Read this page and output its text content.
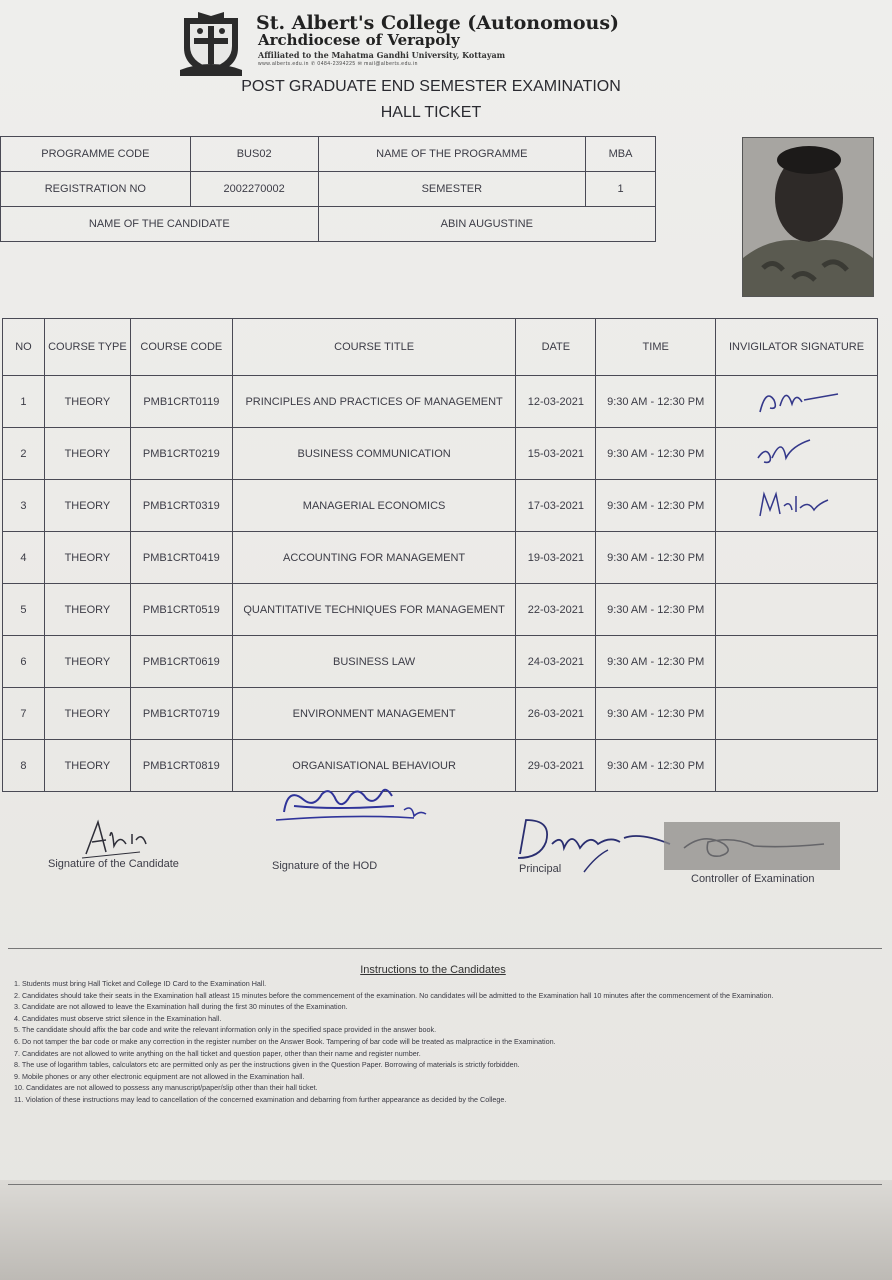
St. Albert's College (Autonomous)
Archdiocese of Verapoly
Affiliated to the Mahatma Gandhi University, Kottayam
www.alberts.edu.in ✆ 0484-2394225 ✉ mail@alberts.edu.in
POST GRADUATE END SEMESTER EXAMINATION
HALL TICKET
PROGRAMME CODE	BUS02	NAME OF THE PROGRAMME	MBA
REGISTRATION NO	2002270002	SEMESTER	1
NAME OF THE CANDIDATE		ABIN AUGUSTINE	
NO	COURSE TYPE	COURSE CODE	COURSE TITLE	DATE	TIME	INVIGILATOR SIGNATURE
1	THEORY	PMB1CRT0119	PRINCIPLES AND PRACTICES OF MANAGEMENT	12-03-2021	9:30 AM - 12:30 PM	
2	THEORY	PMB1CRT0219	BUSINESS COMMUNICATION	15-03-2021	9:30 AM - 12:30 PM	
3	THEORY	PMB1CRT0319	MANAGERIAL ECONOMICS	17-03-2021	9:30 AM - 12:30 PM	
4	THEORY	PMB1CRT0419	ACCOUNTING FOR MANAGEMENT	19-03-2021	9:30 AM - 12:30 PM	
5	THEORY	PMB1CRT0519	QUANTITATIVE TECHNIQUES FOR MANAGEMENT	22-03-2021	9:30 AM - 12:30 PM	
6	THEORY	PMB1CRT0619	BUSINESS LAW	24-03-2021	9:30 AM - 12:30 PM	
7	THEORY	PMB1CRT0719	ENVIRONMENT MANAGEMENT	26-03-2021	9:30 AM - 12:30 PM	
8	THEORY	PMB1CRT0819	ORGANISATIONAL BEHAVIOUR	29-03-2021	9:30 AM - 12:30 PM	
Signature of the Candidate	Signature of the HOD	Principal
Controller of Examination
Instructions to the Candidates
1. Students must bring Hall Ticket and College ID Card to the Examination Hall.
2. Candidates should take their seats in the Examination hall atleast 15 minutes before the commencement of the examination. No candidates will be admitted to the Examination hall 10 minutes after the commencement of the Examination.
3. Candidate are not allowed to leave the Examination hall during the first 30 minutes of the Examination.
4. Candidates must observe strict silence in the Examination hall.
5. The candidate should affix the bar code and write the relevant information only in the specified space provided in the answer book.
6. Do not tamper the bar code or make any correction in the register number on the Answer Book. Tampering of bar code will be treated as malpractice in the Examination.
7. Candidates are not allowed to write anything on the hall ticket and question paper, other than their name and register number.
8. The use of logarithm tables, calculators etc are permitted only as per the instructions given in the Question Paper. Borrowing of materials is strictly forbidden.
9. Mobile phones or any other electronic equipment are not allowed in the Examination hall.
10. Candidates are not allowed to possess any manuscript/paper/slip other than their hall ticket.
11. Violation of these instructions may lead to cancellation of the concerned examination and debarring from further appearance as decided by the College.
